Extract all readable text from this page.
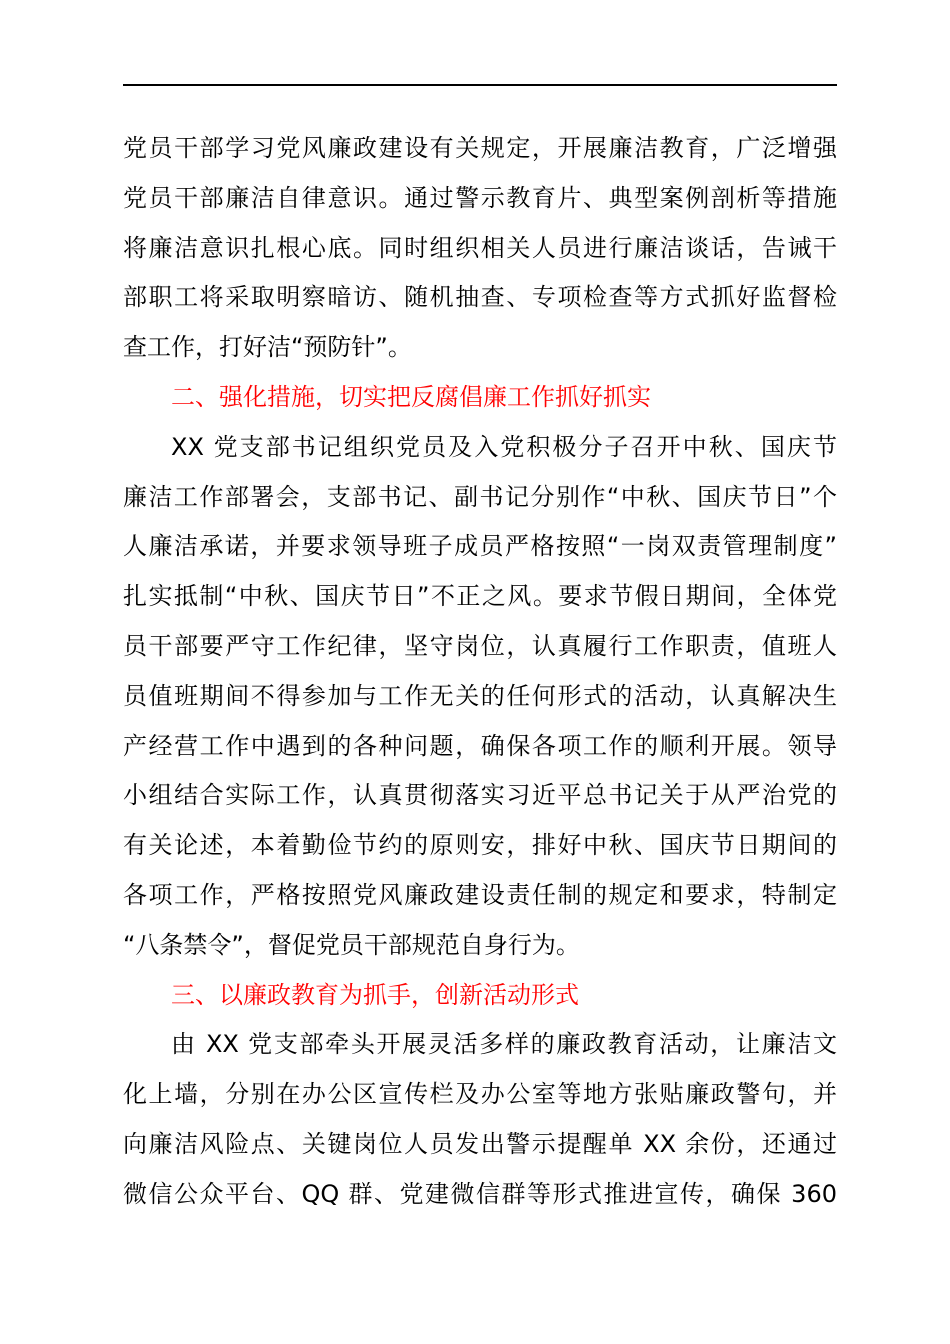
党员干部学习党风廉政建设有关规定，开展廉洁教育，广泛增强
党员干部廉洁自律意识。通过警示教育片、典型案例剖析等措施
将廉洁意识扎根心底。同时组织相关人员进行廉洁谈话，告诫干
部职工将采取明察暗访、随机抽查、专项检查等方式抓好监督检
查工作，打好洁“预防针”。
二、强化措施，切实把反腐倡廉工作抓好抓实
XX 党支部书记组织党员及入党积极分子召开中秋、国庆节
廉洁工作部署会，支部书记、副书记分别作“中秋、国庆节日”个
人廉洁承诺，并要求领导班子成员严格按照“一岗双责管理制度”
扎实抵制“中秋、国庆节日”不正之风。要求节假日期间，全体党
员干部要严守工作纪律，坚守岗位，认真履行工作职责，值班人
员值班期间不得参加与工作无关的任何形式的活动，认真解决生
产经营工作中遇到的各种问题，确保各项工作的顺利开展。领导
小组结合实际工作，认真贯彻落实习近平总书记关于从严治党的
有关论述，本着勤俭节约的原则安，排好中秋、国庆节日期间的
各项工作，严格按照党风廉政建设责任制的规定和要求，特制定
“八条禁令”，督促党员干部规范自身行为。
三、以廉政教育为抓手，创新活动形式
由 XX 党支部牵头开展灵活多样的廉政教育活动，让廉洁文
化上墙，分别在办公区宣传栏及办公室等地方张贴廉政警句，并
向廉洁风险点、关键岗位人员发出警示提醒单 XX 余份，还通过
微信公众平台、QQ 群、党建微信群等形式推进宣传，确保 360
